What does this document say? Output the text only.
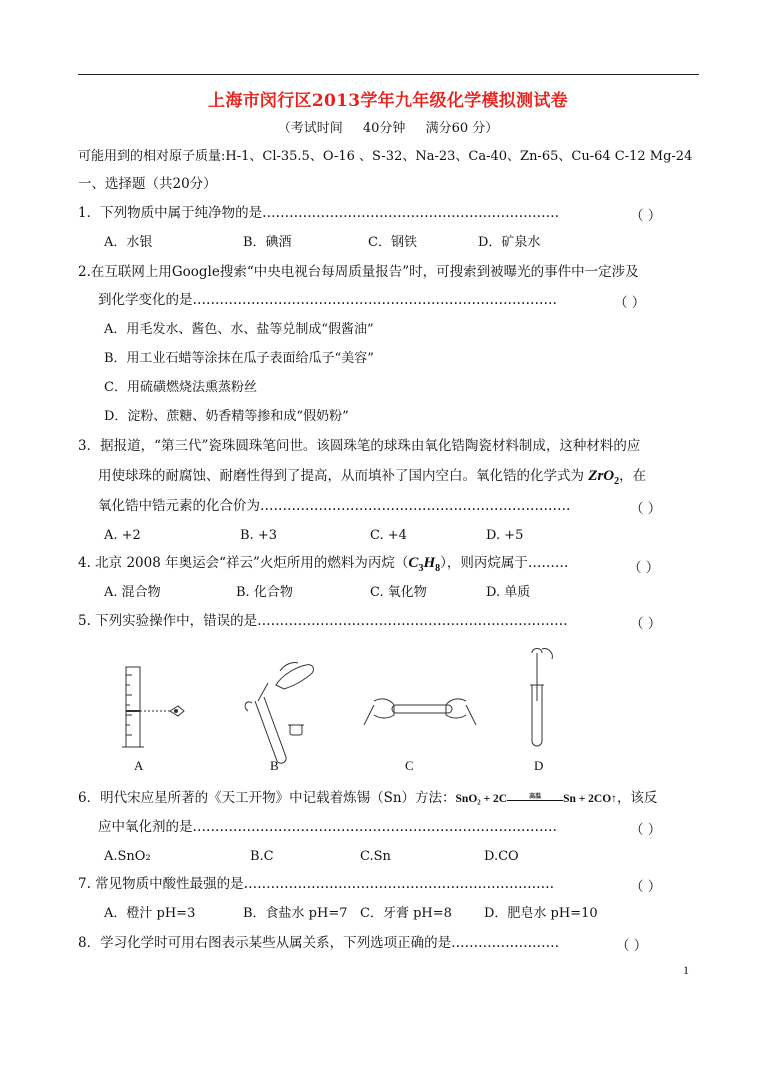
上海市闵行区2013学年九年级化学模拟测试卷
（考试时间 40分钟 满分60 分）
可能用到的相对原子质量:H-1、Cl-35.5、O-16 、S-32、Na-23、Ca-40、Zn-65、Cu-64 C-12 Mg-24
一、选择题（共20分）
1．下列物质中属于纯净物的是…………………………………………………………	（ ）
A．水银	B．碘酒	C．钢铁	D．矿泉水
2.在互联网上用Google搜索“中央电视台每周质量报告”时，可搜索到被曝光的事件中一定涉及
到化学变化的是………………………………………………………………………	（ ）
A．用毛发水、酱色、水、盐等兑制成“假酱油”
B．用工业石蜡等涂抹在瓜子表面给瓜子“美容”
C．用硫磺燃烧法熏蒸粉丝
D．淀粉、蔗糖、奶香精等掺和成“假奶粉”
3．据报道，“第三代”瓷珠圆珠笔问世。该圆珠笔的球珠由氧化锆陶瓷材料制成，这种材料的应
用使球珠的耐腐蚀、耐磨性得到了提高，从而填补了国内空白。氧化锆的化学式为 ZrO$_2$，在
氧化锆中锆元素的化合价为……………………………………………………………	（ ）
A. +2	B. +3	C. +4	D. +5
4. 北京 2008 年奥运会“祥云”火炬所用的燃料为丙烷$(C_3H_8)$，则丙烷属于………	（ ）
A. 混合物	B. 化合物	C. 氧化物	D. 单质
5. 下列实验操作中，错误的是……………………………………………………………	（ ）
A	B	C	D
6．明代宋应星所著的《天工开物》中记载着炼锡（Sn）方法：SnO₂ + 2C	高温	Sn + 2CO↑，该反
应中氧化剂的是………………………………………………………………………	（ ）
A.SnO₂	B.C	C.Sn	D.CO
7. 常见物质中酸性最强的是……………………………………………………………	（ ）
A．橙汁 pH=3	B．食盐水 pH=7 C．牙膏 pH=8 D．肥皂水 pH=10
8．学习化学时可用右图表示某些从属关系，下列选项正确的是……………………	（ ）
1
